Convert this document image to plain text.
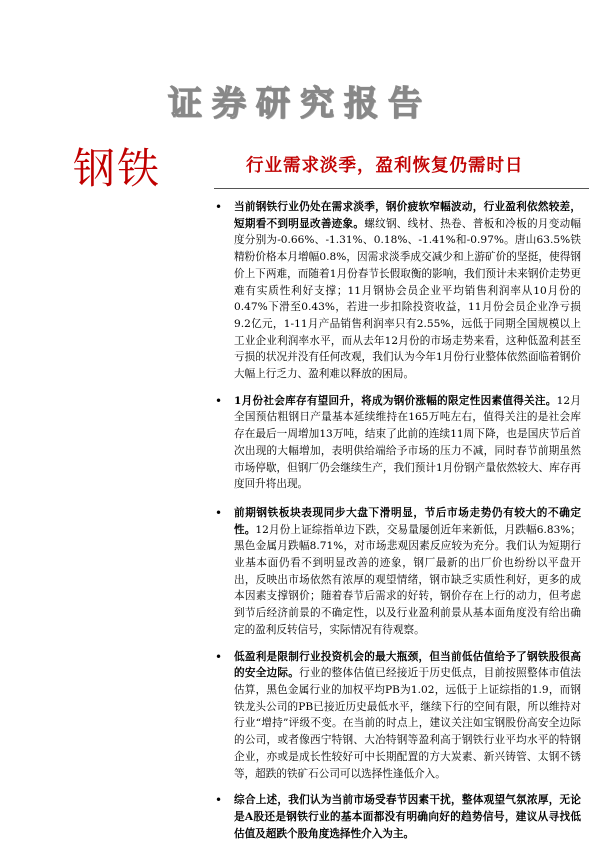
证券研究报告
钢铁	行业需求淡季，盈利恢复仍需时日
• 当前钢铁行业仍处在需求淡季，钢价疲软窄幅波动，行业盈利依然较差，短期看不到明显改善迹象。螺纹钢、线材、热卷、普板和冷板的月变动幅度分别为-0.66%、-1.31%、0.18%、-1.41%和-0.97%。唐山63.5%铁精粉价格本月增幅0.8%，因需求淡季成交减少和上游矿价的坚挺，使得钢价上下两难，而随着1月份春节长假取衡的影响，我们预计未来钢价走势更难有实质性利好支撑；11月钢协会员企业平均销售利润率从10月份的0.47%下滑至0.43%，若进一步扣除投资收益，11月份会员企业净亏损9.2亿元，1-11月产品销售利润率只有2.55%，远低于同期全国规模以上工业企业利润率水平，而从去年12月份的市场走势来看，这种低盈利甚至亏损的状况并没有任何改观，我们认为今年1月份行业整体依然面临着钢价大幅上行乏力、盈利难以释放的困局。
• 1月份社会库存有望回升，将成为钢价涨幅的限定性因素值得关注。12月全国预估粗钢日产量基本延续维持在165万吨左右，值得关注的是社会库存在最后一周增加13万吨，结束了此前的连续11周下降，也是国庆节后首次出现的大幅增加，表明供给端给予市场的压力不减，同时春节前期虽然市场停歇，但钢厂仍会继续生产，我们预计1月份钢产量依然较大、库存再度回升将出现。
• 前期钢铁板块表现同步大盘下滑明显，节后市场走势仍有较大的不确定性。12月份上证综指单边下跌，交易量屡创近年来新低，月跌幅6.83%；黑色金属月跌幅8.71%，对市场悲观因素反应较为充分。我们认为短期行业基本面仍看不到明显改善的迹象，钢厂最新的出厂价也纷纷以平盘开出，反映出市场依然有浓厚的观望情绪，钢市缺乏实质性利好，更多的成本因素支撑钢价；随着春节后需求的好转，钢价存在上行的动力，但考虑到节后经济前景的不确定性，以及行业盈利前景从基本面角度没有给出确定的盈利反转信号，实际情况有待观察。
• 低盈利是限制行业投资机会的最大瓶颈，但当前低估值给予了钢铁股很高的安全边际。行业的整体估值已经接近于历史低点，目前按照整体市值法估算，黑色金属行业的加权平均PB为1.02，远低于上证综指的1.9，而钢铁龙头公司的PB已接近历史最低水平，继续下行的空间有限，所以维持对行业“增持”评级不变。在当前的时点上，建议关注如宝钢股份高安全边际的公司，或者像西宁特钢、大冶特钢等盈利高于钢铁行业平均水平的特钢企业，亦或是成长性较好可中长期配置的方大炭素、新兴铸管、太钢不锈等，超跌的铁矿石公司可以选择性逢低介入。
• 综合上述，我们认为当前市场受春节因素干扰，整体观望气氛浓厚，无论是A股还是钢铁行业的基本面都没有明确向好的趋势信号，建议从寻找低估值及超跌个股角度选择性介入为主。
